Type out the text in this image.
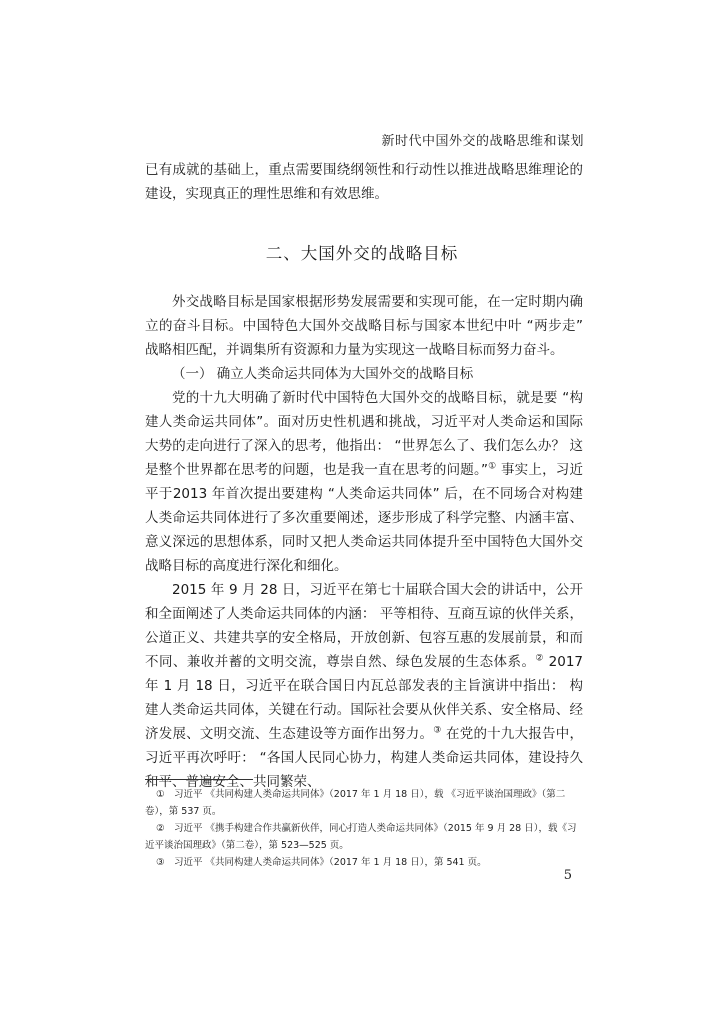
新时代中国外交的战略思维和谋划

已有成就的基础上，重点需要围绕纲领性和行动性以推进战略思维理论的建设，实现真正的理性思维和有效思维。

二、大国外交的战略目标

外交战略目标是国家根据形势发展需要和实现可能，在一定时期内确立的奋斗目标。中国特色大国外交战略目标与国家本世纪中叶 “两步走” 战略相匹配，并调集所有资源和力量为实现这一战略目标而努力奋斗。

（一） 确立人类命运共同体为大国外交的战略目标

党的十九大明确了新时代中国特色大国外交的战略目标，就是要 “构建人类命运共同体”。面对历史性机遇和挑战，习近平对人类命运和国际大势的走向进行了深入的思考，他指出： “世界怎么了、我们怎么办？ 这是整个世界都在思考的问题，也是我一直在思考的问题。”① 事实上，习近平于2013 年首次提出要建构 “人类命运共同体” 后，在不同场合对构建人类命运共同体进行了多次重要阐述，逐步形成了科学完整、内涵丰富、意义深远的思想体系，同时又把人类命运共同体提升至中国特色大国外交战略目标的高度进行深化和细化。

2015 年 9 月 28 日，习近平在第七十届联合国大会的讲话中，公开和全面阐述了人类命运共同体的内涵： 平等相待、互商互谅的伙伴关系，公道正义、共建共享的安全格局，开放创新、包容互惠的发展前景，和而不同、兼收并蓄的文明交流，尊崇自然、绿色发展的生态体系。② 2017 年 1 月 18 日，习近平在联合国日内瓦总部发表的主旨演讲中指出： 构建人类命运共同体，关键在行动。国际社会要从伙伴关系、安全格局、经济发展、文明交流、生态建设等方面作出努力。③ 在党的十九大报告中，习近平再次呼吁： “各国人民同心协力，构建人类命运共同体，建设持久和平、普遍安全、共同繁荣、

①　习近平 《共同构建人类命运共同体》（2017 年 1 月 18 日），载 《习近平谈治国理政》（第二卷），第 537 页。

②　习近平 《携手构建合作共赢新伙伴，同心打造人类命运共同体》（2015 年 9 月 28 日），载《习近平谈治国理政》（第二卷），第 523—525 页。

③　习近平 《共同构建人类命运共同体》（2017 年 1 月 18 日），第 541 页。

5
